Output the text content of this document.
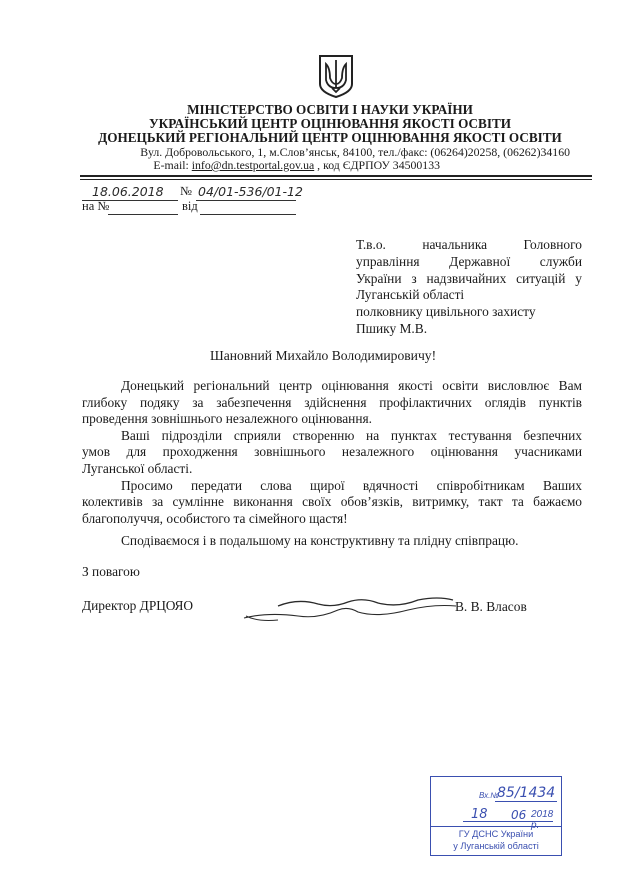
МІНІСТЕРСТВО ОСВІТИ І НАУКИ УКРАЇНИ
УКРАЇНСЬКИЙ ЦЕНТР ОЦІНЮВАННЯ ЯКОСТІ ОСВІТИ
ДОНЕЦЬКИЙ РЕГІОНАЛЬНИЙ ЦЕНТР ОЦІНЮВАННЯ ЯКОСТІ ОСВІТИ
Вул. Добровольського, 1, м.Слов’янськ, 84100, тел./факс: (06264)20258, (06262)34160
E-mail: info@dn.testportal.gov.ua , код ЄДРПОУ 34500133
18.06.2018 № 04/01-536/01-12
на №	від
Т.в.о. начальника Головного
управління Державної служби
України з надзвичайних ситуацій у
Луганській області
полковнику цивільного захисту
Пшику М.В.
Шановний Михайло Володимировичу!

Донецький регіональний центр оцінювання якості освіти висловлює Вам

глибоку подяку за забезпечення здійснення профілактичних оглядів пунктів
проведення зовнішнього незалежного оцінювання.

Ваші підрозділи сприяли створенню на пунктах тестування безпечних

умов для проходження зовнішнього незалежного оцінювання учасниками
Луганської області.

Просимо передати слова щирої вдячності співробітникам Ваших

колективів за сумлінне виконання своїх обов’язків, витримку, такт та бажаємо
благополуччя, особистого та сімейного щастя!

Сподіваємося і в подальшому на конструктивну та плідну співпрацю.

З повагою
Директор ДРЦОЯО	В. В. Власов
Вх.№
85/1434
18 06 2018 р.
ГУ ДСНС України
у Луганській області
